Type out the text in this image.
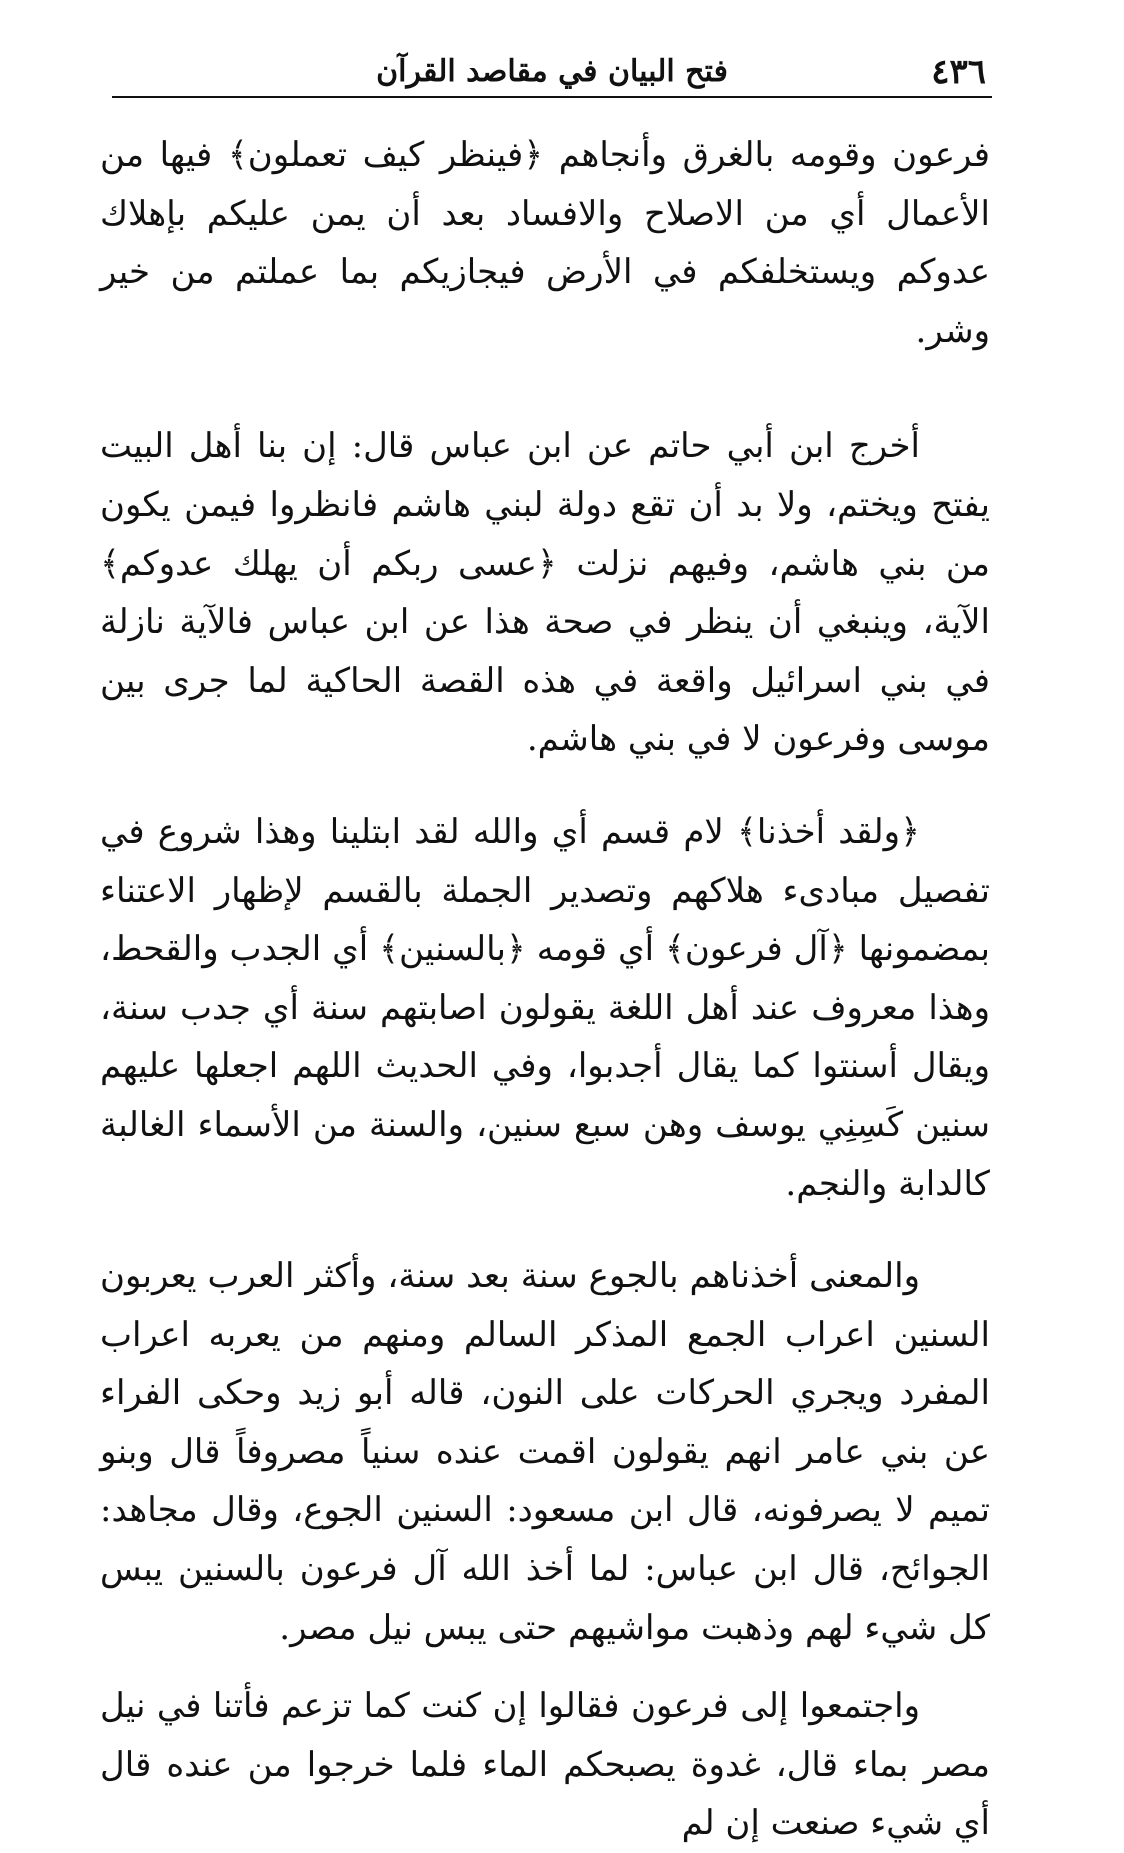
٤٣٦
فتح البيان في مقاصد القرآن

فرعون وقومه بالغرق وأنجاهم ﴿فينظر كيف تعملون﴾ فيها من الأعمال أي من الاصلاح والافساد بعد أن يمن عليكم بإهلاك عدوكم ويستخلفكم في الأرض فيجازيكم بما عملتم من خير وشر.

أخرج ابن أبي حاتم عن ابن عباس قال: إن بنا أهل البيت يفتح ويختم، ولا بد أن تقع دولة لبني هاشم فانظروا فيمن يكون من بني هاشم، وفيهم نزلت ﴿عسى ربكم أن يهلك عدوكم﴾ الآية، وينبغي أن ينظر في صحة هذا عن ابن عباس فالآية نازلة في بني اسرائيل واقعة في هذه القصة الحاكية لما جرى بين موسى وفرعون لا في بني هاشم.

﴿ولقد أخذنا﴾ لام قسم أي والله لقد ابتلينا وهذا شروع في تفصيل مبادىء هلاكهم وتصدير الجملة بالقسم لإظهار الاعتناء بمضمونها ﴿آل فرعون﴾ أي قومه ﴿بالسنين﴾ أي الجدب والقحط، وهذا معروف عند أهل اللغة يقولون اصابتهم سنة أي جدب سنة، ويقال أسنتوا كما يقال أجدبوا، وفي الحديث اللهم اجعلها عليهم سنين كَسِنِي يوسف وهن سبع سنين، والسنة من الأسماء الغالبة كالدابة والنجم.

والمعنى أخذناهم بالجوع سنة بعد سنة، وأكثر العرب يعربون السنين اعراب الجمع المذكر السالم ومنهم من يعربه اعراب المفرد ويجري الحركات على النون، قاله أبو زيد وحكى الفراء عن بني عامر انهم يقولون اقمت عنده سنياً مصروفاً قال وبنو تميم لا يصرفونه، قال ابن مسعود: السنين الجوع، وقال مجاهد: الجوائح، قال ابن عباس: لما أخذ الله آل فرعون بالسنين يبس كل شيء لهم وذهبت مواشيهم حتى يبس نيل مصر.

واجتمعوا إلى فرعون فقالوا إن كنت كما تزعم فأتنا في نيل مصر بماء قال، غدوة يصبحكم الماء فلما خرجوا من عنده قال أي شيء صنعت إن لم
